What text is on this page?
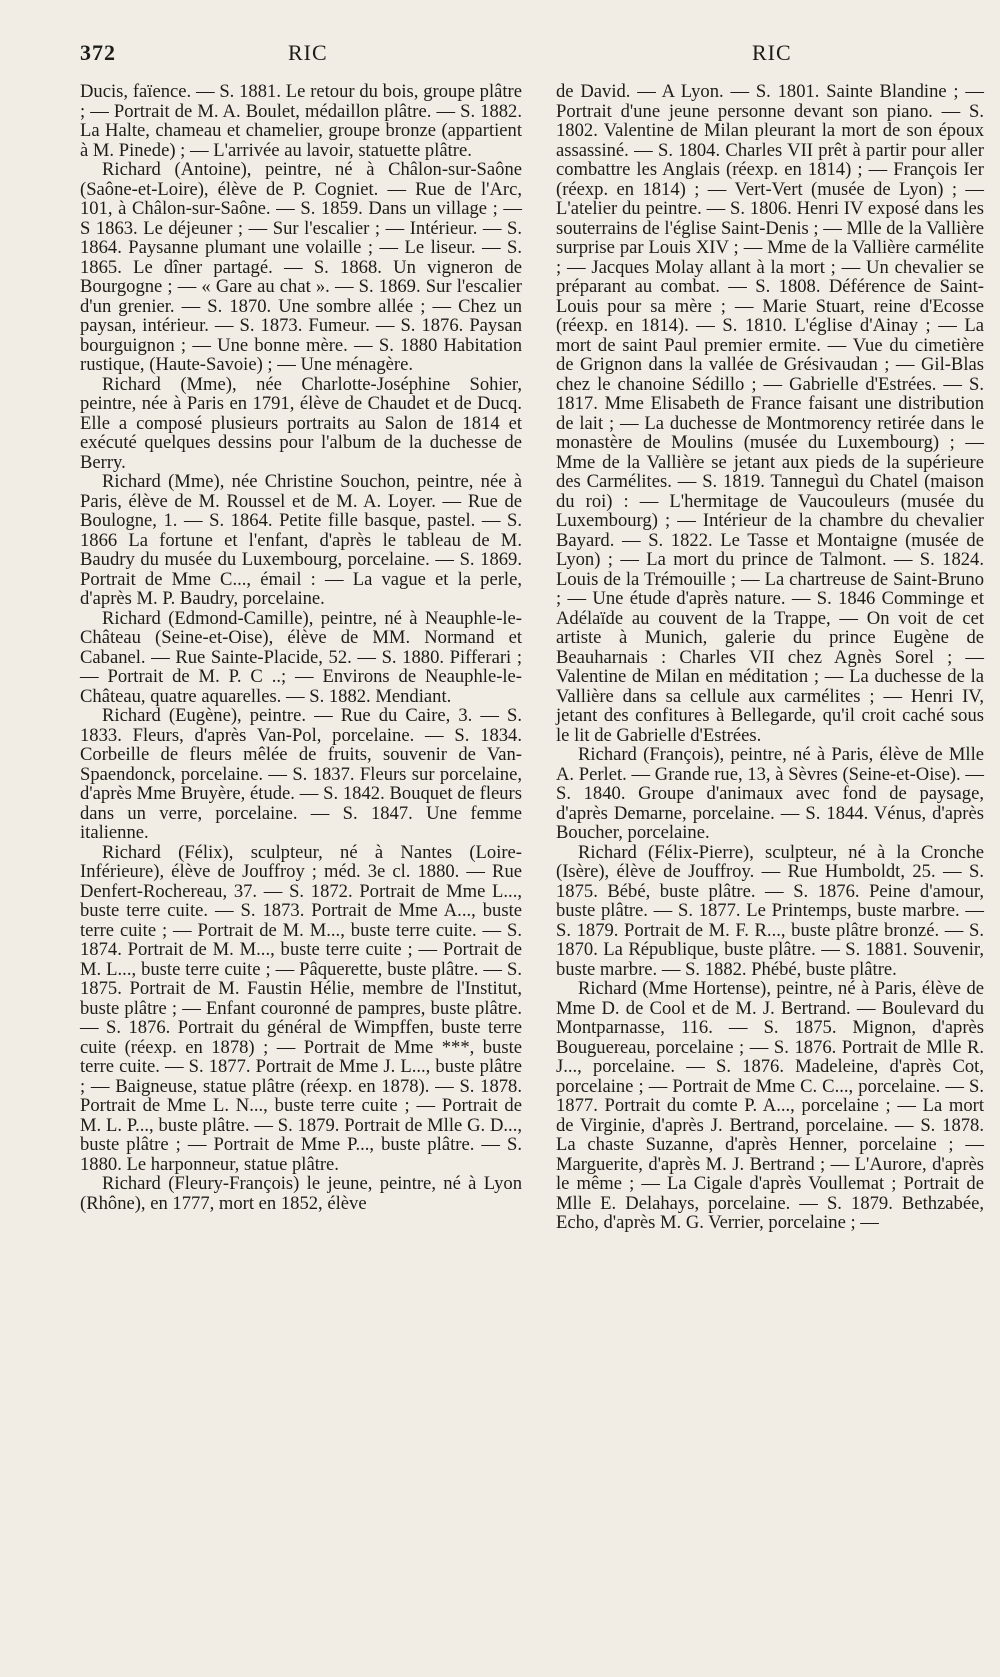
372	RIC	RIC

Ducis, faïence. — S. 1881. Le retour du bois, groupe plâtre ; — Portrait de M. A. Boulet, médaillon plâtre. — S. 1882. La Halte, chameau et chamelier, groupe bronze (appartient à M. Pinede) ; — L'arrivée au lavoir, statuette plâtre.

Richard (Antoine), peintre, né à Châlon-sur-Saône (Saône-et-Loire), élève de P. Cogniet. — Rue de l'Arc, 101, à Châlon-sur-Saône. — S. 1859. Dans un village ; — S 1863. Le déjeuner ; — Sur l'escalier ; — Intérieur. — S. 1864. Paysanne plumant une volaille ; — Le liseur. — S. 1865. Le dîner partagé. — S. 1868. Un vigneron de Bourgogne ; — « Gare au chat ». — S. 1869. Sur l'escalier d'un grenier. — S. 1870. Une sombre allée ; — Chez un paysan, intérieur. — S. 1873. Fumeur. — S. 1876. Paysan bourguignon ; — Une bonne mère. — S. 1880 Habitation rustique, (Haute-Savoie) ; — Une ménagère.

Richard (Mme), née Charlotte-Joséphine Sohier, peintre, née à Paris en 1791, élève de Chaudet et de Ducq. Elle a composé plusieurs portraits au Salon de 1814 et exécuté quelques dessins pour l'album de la duchesse de Berry.

Richard (Mme), née Christine Souchon, peintre, née à Paris, élève de M. Roussel et de M. A. Loyer. — Rue de Boulogne, 1. — S. 1864. Petite fille basque, pastel. — S. 1866 La fortune et l'enfant, d'après le tableau de M. Baudry du musée du Luxembourg, porcelaine. — S. 1869. Portrait de Mme C..., émail : — La vague et la perle, d'après M. P. Baudry, porcelaine.

Richard (Edmond-Camille), peintre, né à Neauphle-le-Château (Seine-et-Oise), élève de MM. Normand et Cabanel. — Rue Sainte-Placide, 52. — S. 1880. Pifferari ; — Portrait de M. P. C ..; — Environs de Neauphle-le-Château, quatre aquarelles. — S. 1882. Mendiant.

Richard (Eugène), peintre. — Rue du Caire, 3. — S. 1833. Fleurs, d'après Van-Pol, porcelaine. — S. 1834. Corbeille de fleurs mêlée de fruits, souvenir de Van-Spaendonck, porcelaine. — S. 1837. Fleurs sur porcelaine, d'après Mme Bruyère, étude. — S. 1842. Bouquet de fleurs dans un verre, porcelaine. — S. 1847. Une femme italienne.

Richard (Félix), sculpteur, né à Nantes (Loire-Inférieure), élève de Jouffroy ; méd. 3e cl. 1880. — Rue Denfert-Rochereau, 37. — S. 1872. Portrait de Mme L..., buste terre cuite. — S. 1873. Portrait de Mme A..., buste terre cuite ; — Portrait de M. M..., buste terre cuite. — S. 1874. Portrait de M. M..., buste terre cuite ; — Portrait de M. L..., buste terre cuite ; — Pâquerette, buste plâtre. — S. 1875. Portrait de M. Faustin Hélie, membre de l'Institut, buste plâtre ; — Enfant couronné de pampres, buste plâtre. — S. 1876. Portrait du général de Wimpffen, buste terre cuite (réexp. en 1878) ; — Portrait de Mme ***, buste terre cuite. — S. 1877. Portrait de Mme J. L..., buste plâtre ; — Baigneuse, statue plâtre (réexp. en 1878). — S. 1878. Portrait de Mme L. N..., buste terre cuite ; — Portrait de M. L. P..., buste plâtre. — S. 1879. Portrait de Mlle G. D..., buste plâtre ; — Portrait de Mme P..., buste plâtre. — S. 1880. Le harponneur, statue plâtre.

Richard (Fleury-François) le jeune, peintre, né à Lyon (Rhône), en 1777, mort en 1852, élève

de David. — A Lyon. — S. 1801. Sainte Blandine ; — Portrait d'une jeune personne devant son piano. — S. 1802. Valentine de Milan pleurant la mort de son époux assassiné. — S. 1804. Charles VII prêt à partir pour aller combattre les Anglais (réexp. en 1814) ; — François Ier (réexp. en 1814) ; — Vert-Vert (musée de Lyon) ; — L'atelier du peintre. — S. 1806. Henri IV exposé dans les souterrains de l'église Saint-Denis ; — Mlle de la Vallière surprise par Louis XIV ; — Mme de la Vallière carmélite ; — Jacques Molay allant à la mort ; — Un chevalier se préparant au combat. — S. 1808. Déférence de Saint-Louis pour sa mère ; — Marie Stuart, reine d'Ecosse (réexp. en 1814). — S. 1810. L'église d'Ainay ; — La mort de saint Paul premier ermite. — Vue du cimetière de Grignon dans la vallée de Grésivaudan ; — Gil-Blas chez le chanoine Sédillo ; — Gabrielle d'Estrées. — S. 1817. Mme Elisabeth de France faisant une distribution de lait ; — La duchesse de Montmorency retirée dans le monastère de Moulins (musée du Luxembourg) ; — Mme de la Vallière se jetant aux pieds de la supérieure des Carmélites. — S. 1819. Tanneguì du Chatel (maison du roi) : — L'hermitage de Vaucouleurs (musée du Luxembourg) ; — Intérieur de la chambre du chevalier Bayard. — S. 1822. Le Tasse et Montaigne (musée de Lyon) ; — La mort du prince de Talmont. — S. 1824. Louis de la Trémouille ; — La chartreuse de Saint-Bruno ; — Une étude d'après nature. — S. 1846 Comminge et Adélaïde au couvent de la Trappe, — On voit de cet artiste à Munich, galerie du prince Eugène de Beauharnais : Charles VII chez Agnès Sorel ; — Valentine de Milan en méditation ; — La duchesse de la Vallière dans sa cellule aux carmélites ; — Henri IV, jetant des confitures à Bellegarde, qu'il croit caché sous le lit de Gabrielle d'Estrées.

Richard (François), peintre, né à Paris, élève de Mlle A. Perlet. — Grande rue, 13, à Sèvres (Seine-et-Oise). — S. 1840. Groupe d'animaux avec fond de paysage, d'après Demarne, porcelaine. — S. 1844. Vénus, d'après Boucher, porcelaine.

Richard (Félix-Pierre), sculpteur, né à la Cronche (Isère), élève de Jouffroy. — Rue Humboldt, 25. — S. 1875. Bébé, buste plâtre. — S. 1876. Peine d'amour, buste plâtre. — S. 1877. Le Printemps, buste marbre. — S. 1879. Portrait de M. F. R..., buste plâtre bronzé. — S. 1870. La République, buste plâtre. — S. 1881. Souvenir, buste marbre. — S. 1882. Phébé, buste plâtre.

Richard (Mme Hortense), peintre, né à Paris, élève de Mme D. de Cool et de M. J. Bertrand. — Boulevard du Montparnasse, 116. — S. 1875. Mignon, d'après Bouguereau, porcelaine ; — S. 1876. Portrait de Mlle R. J..., porcelaine. — S. 1876. Madeleine, d'après Cot, porcelaine ; — Portrait de Mme C. C..., porcelaine. — S. 1877. Portrait du comte P. A..., porcelaine ; — La mort de Virginie, d'après J. Bertrand, porcelaine. — S. 1878. La chaste Suzanne, d'après Henner, porcelaine ; — Marguerite, d'après M. J. Bertrand ; — L'Aurore, d'après le même ; — La Cigale d'après Voullemat ; Portrait de Mlle E. Delahays, porcelaine. — S. 1879. Bethzabée, Echo, d'après M. G. Verrier, porcelaine ; —
